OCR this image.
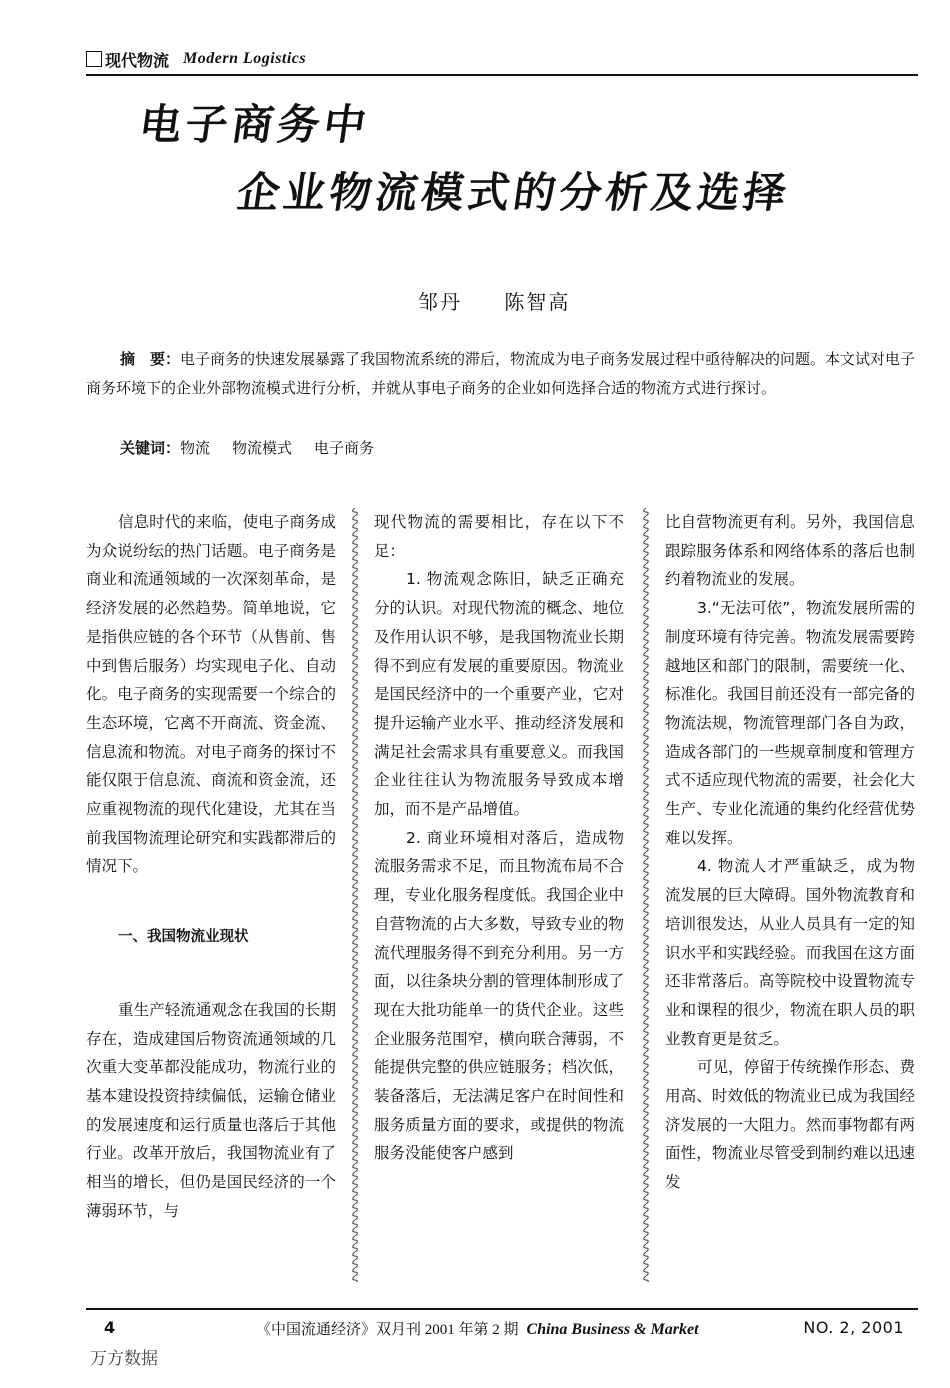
现代物流 Modern Logistics
电子商务中
企业物流模式的分析及选择
邹丹 陈智高

摘　要：电子商务的快速发展暴露了我国物流系统的滞后，物流成为电子商务发展过程中亟待解决的问题。本文试对电子商务环境下的企业外部物流模式进行分析，并就从事电子商务的企业如何选择合适的物流方式进行探讨。

关键词：物流 物流模式 电子商务

信息时代的来临，使电子商务成为众说纷纭的热门话题。电子商务是商业和流通领域的一次深刻革命，是经济发展的必然趋势。简单地说，它是指供应链的各个环节（从售前、售中到售后服务）均实现电子化、自动化。电子商务的实现需要一个综合的生态环境，它离不开商流、资金流、信息流和物流。对电子商务的探讨不能仅限于信息流、商流和资金流，还应重视物流的现代化建设，尤其在当前我国物流理论研究和实践都滞后的情况下。

一、我国物流业现状

重生产轻流通观念在我国的长期存在，造成建国后物资流通领域的几次重大变革都没能成功，物流行业的基本建设投资持续偏低，运输仓储业的发展速度和运行质量也落后于其他行业。改革开放后，我国物流业有了相当的增长，但仍是国民经济的一个薄弱环节，与

现代物流的需要相比，存在以下不足：

1. 物流观念陈旧，缺乏正确充分的认识。对现代物流的概念、地位及作用认识不够，是我国物流业长期得不到应有发展的重要原因。物流业是国民经济中的一个重要产业，它对提升运输产业水平、推动经济发展和满足社会需求具有重要意义。而我国企业往往认为物流服务导致成本增加，而不是产品增值。

2. 商业环境相对落后，造成物流服务需求不足，而且物流布局不合理，专业化服务程度低。我国企业中自营物流的占大多数，导致专业的物流代理服务得不到充分利用。另一方面，以往条块分割的管理体制形成了现在大批功能单一的货代企业。这些企业服务范围窄，横向联合薄弱，不能提供完整的供应链服务；档次低，装备落后，无法满足客户在时间性和服务质量方面的要求，或提供的物流服务没能使客户感到

比自营物流更有利。另外，我国信息跟踪服务体系和网络体系的落后也制约着物流业的发展。

3.“无法可依”，物流发展所需的制度环境有待完善。物流发展需要跨越地区和部门的限制，需要统一化、标准化。我国目前还没有一部完备的物流法规，物流管理部门各自为政，造成各部门的一些规章制度和管理方式不适应现代物流的需要，社会化大生产、专业化流通的集约化经营优势难以发挥。

4. 物流人才严重缺乏，成为物流发展的巨大障碍。国外物流教育和培训很发达，从业人员具有一定的知识水平和实践经验。而我国在这方面还非常落后。高等院校中设置物流专业和课程的很少，物流在职人员的职业教育更是贫乏。

可见，停留于传统操作形态、费用高、时效低的物流业已成为我国经济发展的一大阻力。然而事物都有两面性，物流业尽管受到制约难以迅速发

4	《中国流通经济》双月刊 2001 年第 2 期 China Business & Market	NO. 2, 2001
万方数据
